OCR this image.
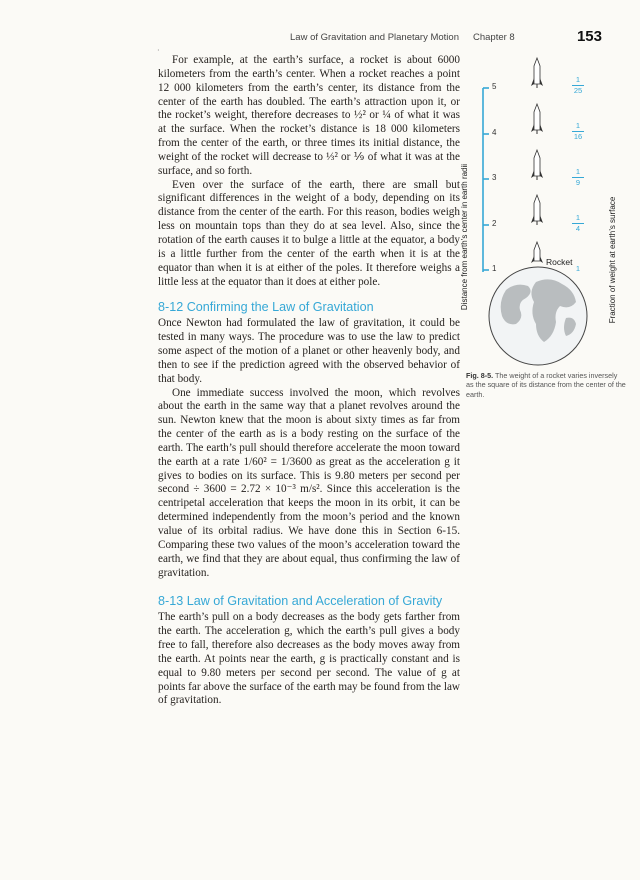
Law of Gravitation and Planetary Motion Chapter 8	153
·

For example, at the earth’s surface, a rocket is about 6000 kilometers from the earth’s center. When a rocket reaches a point 12 000 kilometers from the earth’s center, its distance from the center of the earth has doubled. The earth’s attraction upon it, or the rocket’s weight, therefore decreases to ½² or ¼ of what it was at the surface. When the rocket’s distance is 18 000 kilometers from the center of the earth, or three times its initial distance, the weight of the rocket will decrease to ⅓² or ⅑ of what it was at the surface, and so forth.

Even over the surface of the earth, there are small but significant differences in the weight of a body, depending on its distance from the center of the earth. For this reason, bodies weigh less on mountain tops than they do at sea level. Also, since the rotation of the earth causes it to bulge a little at the equator, a body is a little further from the center of the earth when it is at the equator than when it is at either of the poles. It therefore weighs a little less at the equator than it does at either pole.

8-12 Confirming the Law of Gravitation

Once Newton had formulated the law of gravitation, it could be tested in many ways. The procedure was to use the law to predict some aspect of the motion of a planet or other heavenly body, and then to see if the prediction agreed with the observed behavior of that body.

One immediate success involved the moon, which revolves about the earth in the same way that a planet revolves around the sun. Newton knew that the moon is about sixty times as far from the center of the earth as is a body resting on the surface of the earth. The earth’s pull should therefore accelerate the moon toward the earth at a rate 1/60² = 1/3600 as great as the acceleration g it gives to bodies on its surface. This is 9.80 meters per second per second ÷ 3600 = 2.72 × 10⁻³ m/s². Since this acceleration is the centripetal acceleration that keeps the moon in its orbit, it can be determined independently from the moon’s period and the known value of its orbital radius. We have done this in Section 6-15. Comparing these two values of the moon’s acceleration toward the earth, we find that they are about equal, thus confirming the law of gravitation.

8-13 Law of Gravitation and Acceleration of Gravity

The earth’s pull on a body decreases as the body gets farther from the earth. The acceleration g, which the earth’s pull gives a body free to fall, therefore also decreases as the body moves away from the earth. At points near the earth, g is practically constant and is equal to 9.80 meters per second per second. The value of g at points far above the surface of the earth may be found from the law of gravitation.

5
4
3
2
1
1
25
1
16
1
9
1
4
1
Rocket
Distance from earth’s center in earth radii	Fraction of weight at earth’s surface
Fig. 8-5. The weight of a rocket varies inversely as the square of its distance from the center of the earth.
